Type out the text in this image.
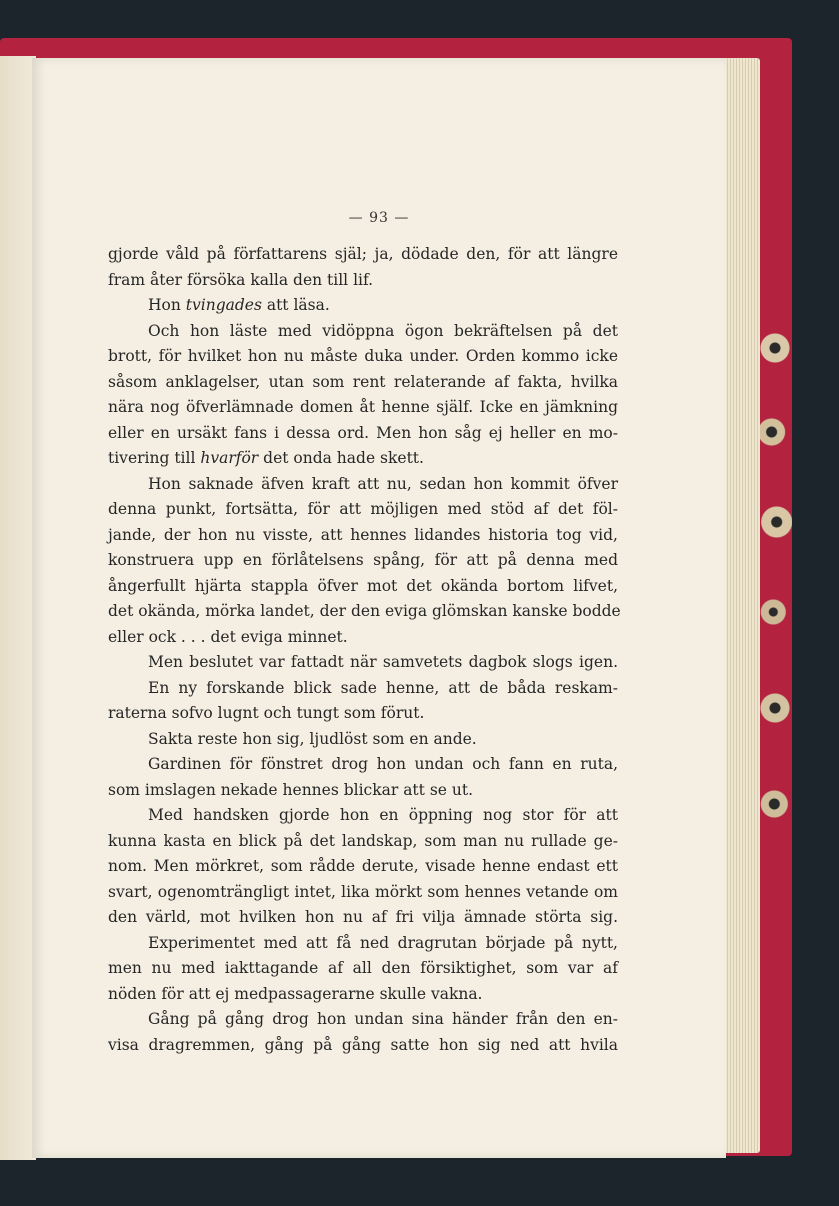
— 93 —
gjorde våld på författarens själ; ja, dödade den, för att längre
fram åter försöka kalla den till lif.
Hon tvingades att läsa.
Och hon läste med vidöppna ögon bekräftelsen på det
brott, för hvilket hon nu måste duka under. Orden kommo icke
såsom anklagelser, utan som rent relaterande af fakta, hvilka
nära nog öfverlämnade domen åt henne själf. Icke en jämkning
eller en ursäkt fans i dessa ord. Men hon såg ej heller en mo-
tivering till hvarför det onda hade skett.
Hon saknade äfven kraft att nu, sedan hon kommit öfver
denna punkt, fortsätta, för att möjligen med stöd af det föl-
jande, der hon nu visste, att hennes lidandes historia tog vid,
konstruera upp en förlåtelsens spång, för att på denna med
ångerfullt hjärta stappla öfver mot det okända bortom lifvet,
det okända, mörka landet, der den eviga glömskan kanske bodde
eller ock . . . det eviga minnet.
Men beslutet var fattadt när samvetets dagbok slogs igen.
En ny forskande blick sade henne, att de båda reskam-
raterna sofvo lugnt och tungt som förut.
Sakta reste hon sig, ljudlöst som en ande.
Gardinen för fönstret drog hon undan och fann en ruta,
som imslagen nekade hennes blickar att se ut.
Med handsken gjorde hon en öppning nog stor för att
kunna kasta en blick på det landskap, som man nu rullade ge-
nom. Men mörkret, som rådde derute, visade henne endast ett
svart, ogenomträngligt intet, lika mörkt som hennes vetande om
den värld, mot hvilken hon nu af fri vilja ämnade störta sig.
Experimentet med att få ned dragrutan började på nytt,
men nu med iakttagande af all den försiktighet, som var af
nöden för att ej medpassagerarne skulle vakna.
Gång på gång drog hon undan sina händer från den en-
visa dragremmen, gång på gång satte hon sig ned att hvila
